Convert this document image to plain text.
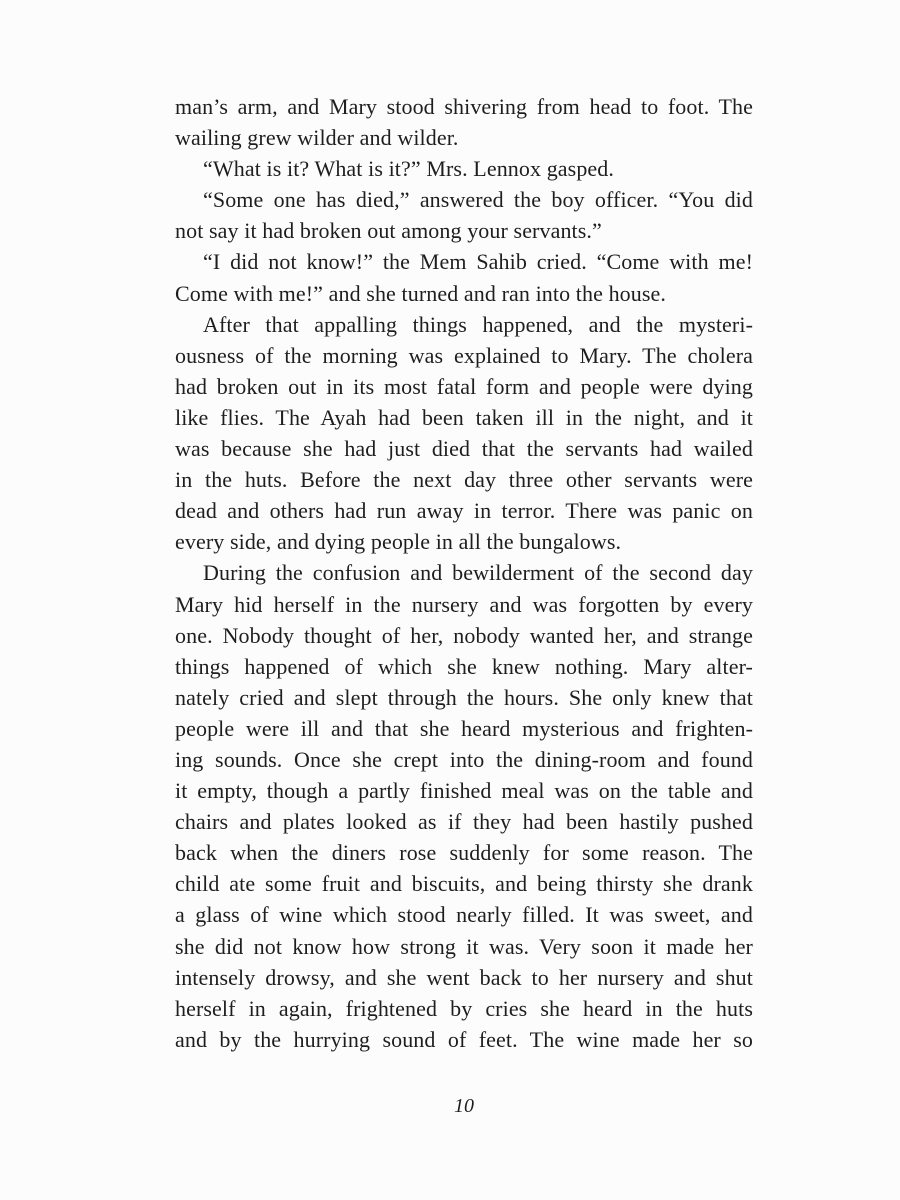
man’s arm, and Mary stood shivering from head to foot. The
wailing grew wilder and wilder.

“What is it? What is it?” Mrs. Lennox gasped.

“Some one has died,” answered the boy officer. “You did
not say it had broken out among your servants.”

“I did not know!” the Mem Sahib cried. “Come with me!
Come with me!” and she turned and ran into the house.

After that appalling things happened, and the mysteri-
ousness of the morning was explained to Mary. The cholera
had broken out in its most fatal form and people were dying
like flies. The Ayah had been taken ill in the night, and it
was because she had just died that the servants had wailed
in the huts. Before the next day three other servants were
dead and others had run away in terror. There was panic on
every side, and dying people in all the bungalows.

During the confusion and bewilderment of the second day
Mary hid herself in the nursery and was forgotten by every
one. Nobody thought of her, nobody wanted her, and strange
things happened of which she knew nothing. Mary alter-
nately cried and slept through the hours. She only knew that
people were ill and that she heard mysterious and frighten-
ing sounds. Once she crept into the dining-room and found
it empty, though a partly finished meal was on the table and
chairs and plates looked as if they had been hastily pushed
back when the diners rose suddenly for some reason. The
child ate some fruit and biscuits, and being thirsty she drank
a glass of wine which stood nearly filled. It was sweet, and
she did not know how strong it was. Very soon it made her
intensely drowsy, and she went back to her nursery and shut
herself in again, frightened by cries she heard in the huts
and by the hurrying sound of feet. The wine made her so

10
